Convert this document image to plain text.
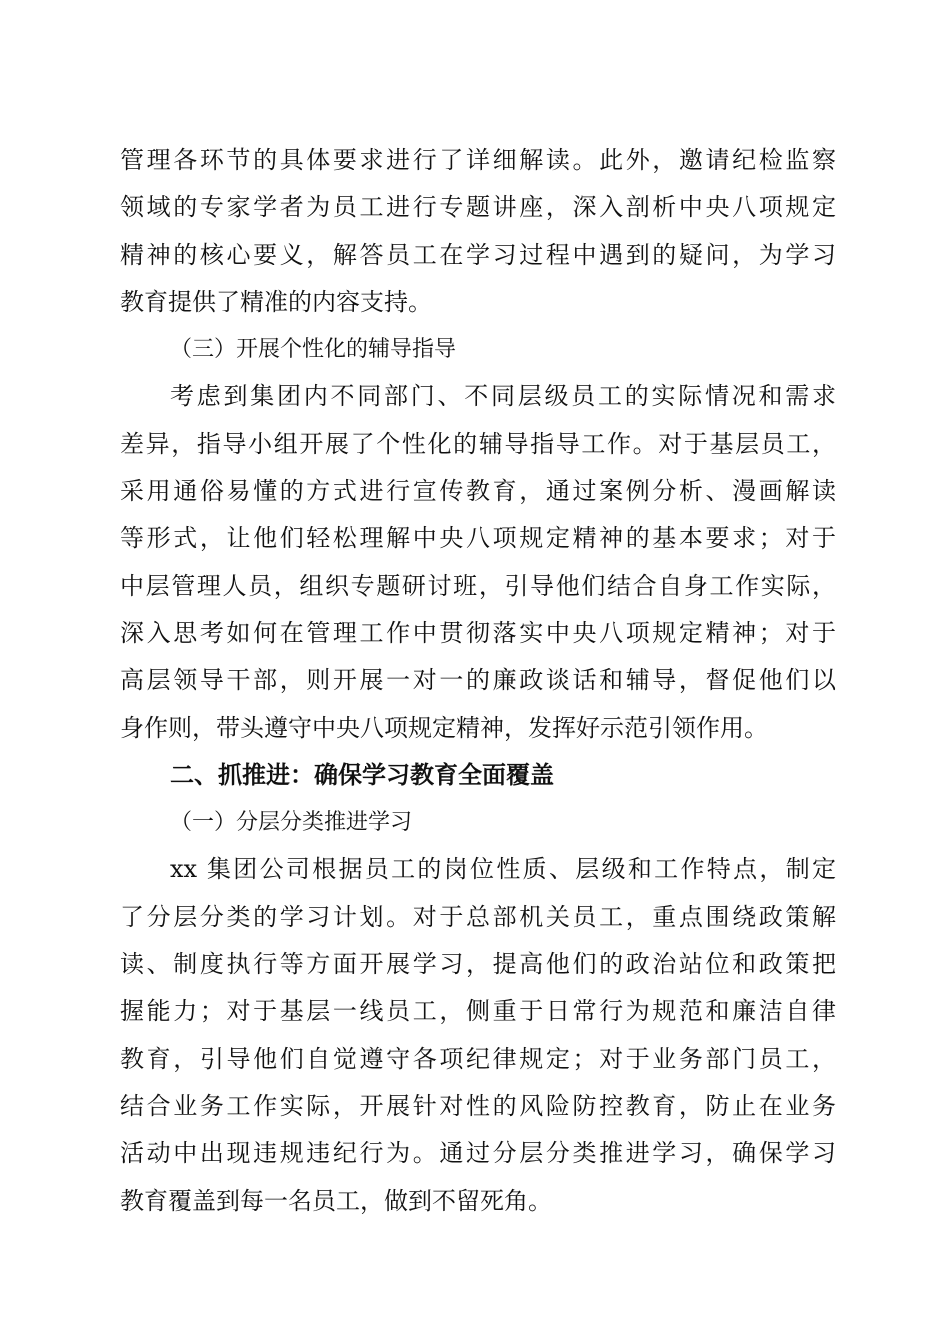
管理各环节的具体要求进行了详细解读。此外，邀请纪检监察
领域的专家学者为员工进行专题讲座，深入剖析中央八项规定
精神的核心要义，解答员工在学习过程中遇到的疑问，为学习
教育提供了精准的内容支持。
（三）开展个性化的辅导指导
考虑到集团内不同部门、不同层级员工的实际情况和需求
差异，指导小组开展了个性化的辅导指导工作。对于基层员工，
采用通俗易懂的方式进行宣传教育，通过案例分析、漫画解读
等形式，让他们轻松理解中央八项规定精神的基本要求；对于
中层管理人员，组织专题研讨班，引导他们结合自身工作实际，
深入思考如何在管理工作中贯彻落实中央八项规定精神；对于
高层领导干部，则开展一对一的廉政谈话和辅导，督促他们以
身作则，带头遵守中央八项规定精神，发挥好示范引领作用。
二、抓推进：确保学习教育全面覆盖
（一）分层分类推进学习
xx 集团公司根据员工的岗位性质、层级和工作特点，制定
了分层分类的学习计划。对于总部机关员工，重点围绕政策解
读、制度执行等方面开展学习，提高他们的政治站位和政策把
握能力；对于基层一线员工，侧重于日常行为规范和廉洁自律
教育，引导他们自觉遵守各项纪律规定；对于业务部门员工，
结合业务工作实际，开展针对性的风险防控教育，防止在业务
活动中出现违规违纪行为。通过分层分类推进学习，确保学习
教育覆盖到每一名员工，做到不留死角。
